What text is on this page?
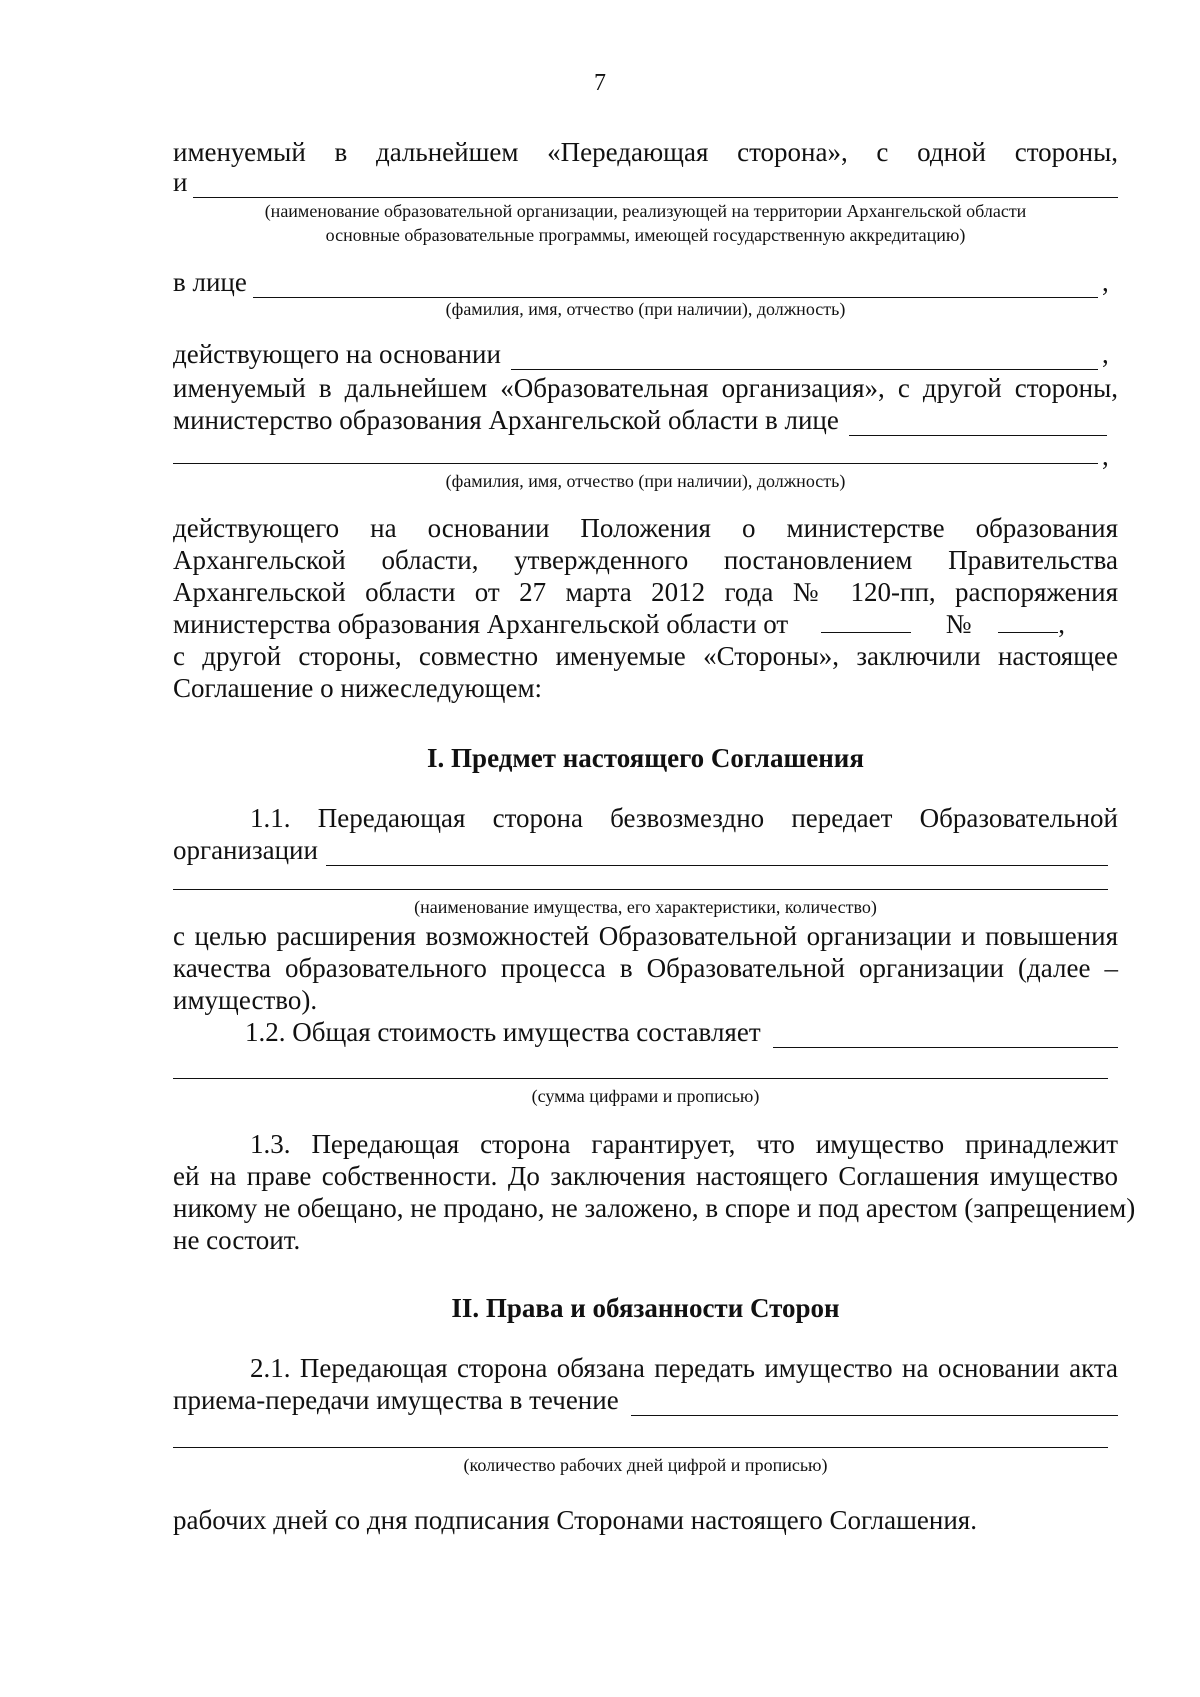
7
именуемый в дальнейшем «Передающая сторона», с одной стороны,
и
(наименование образовательной организации, реализующей на территории Архангельской области
основные образовательные программы, имеющей государственную аккредитацию)
в лице	,
(фамилия, имя, отчество (при наличии), должность)
действующего на основании	,
именуемый в дальнейшем «Образовательная организация», с другой стороны,
министерство образования Архангельской области в лице
,
(фамилия, имя, отчество (при наличии), должность)
действующего на основании Положения о министерстве образования
Архангельской области, утвержденного постановлением Правительства
Архангельской области от 27 марта 2012 года № 120-пп, распоряжения
министерства образования Архангельской области от	№	,
с другой стороны, совместно именуемые «Стороны», заключили настоящее
Соглашение о нижеследующем:
I. Предмет настоящего Соглашения
1.1. Передающая сторона безвозмездно передает Образовательной
организации
(наименование имущества, его характеристики, количество)
с целью расширения возможностей Образовательной организации и повышения
качества образовательного процесса в Образовательной организации (далее –
имущество).
1.2. Общая стоимость имущества составляет
(сумма цифрами и прописью)
1.3. Передающая сторона гарантирует, что имущество принадлежит
ей на праве собственности. До заключения настоящего Соглашения имущество
никому не обещано, не продано, не заложено, в споре и под арестом (запрещением)
не состоит.
II. Права и обязанности Сторон
2.1. Передающая сторона обязана передать имущество на основании акта
приема-передачи имущества в течение
(количество рабочих дней цифрой и прописью)
рабочих дней со дня подписания Сторонами настоящего Соглашения.
